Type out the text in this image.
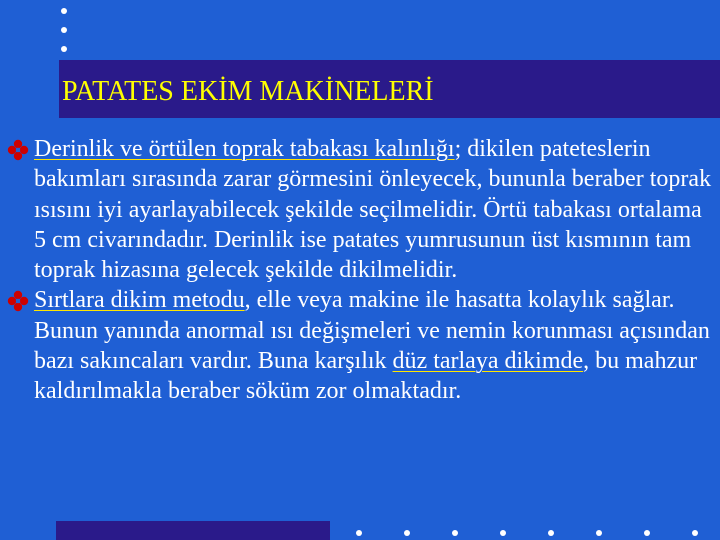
PATATES EKİM MAKİNELERİ
Derinlik ve örtülen toprak tabakası kalınlığı; dikilen pateteslerin bakımları sırasında zarar görmesini önleyecek, bununla beraber toprak ısısını iyi ayarlayabilecek şekilde seçilmelidir. Örtü tabakası ortalama 5 cm civarındadır. Derinlik ise patates yumrusunun üst kısmının tam toprak hizasına gelecek şekilde dikilmelidir.
Sırtlara dikim metodu, elle veya makine ile hasatta kolaylık sağlar. Bunun yanında anormal ısı değişmeleri ve nemin korunması açısından bazı sakıncaları vardır. Buna karşılık düz tarlaya dikimde, bu mahzur kaldırılmakla beraber söküm zor olmaktadır.
